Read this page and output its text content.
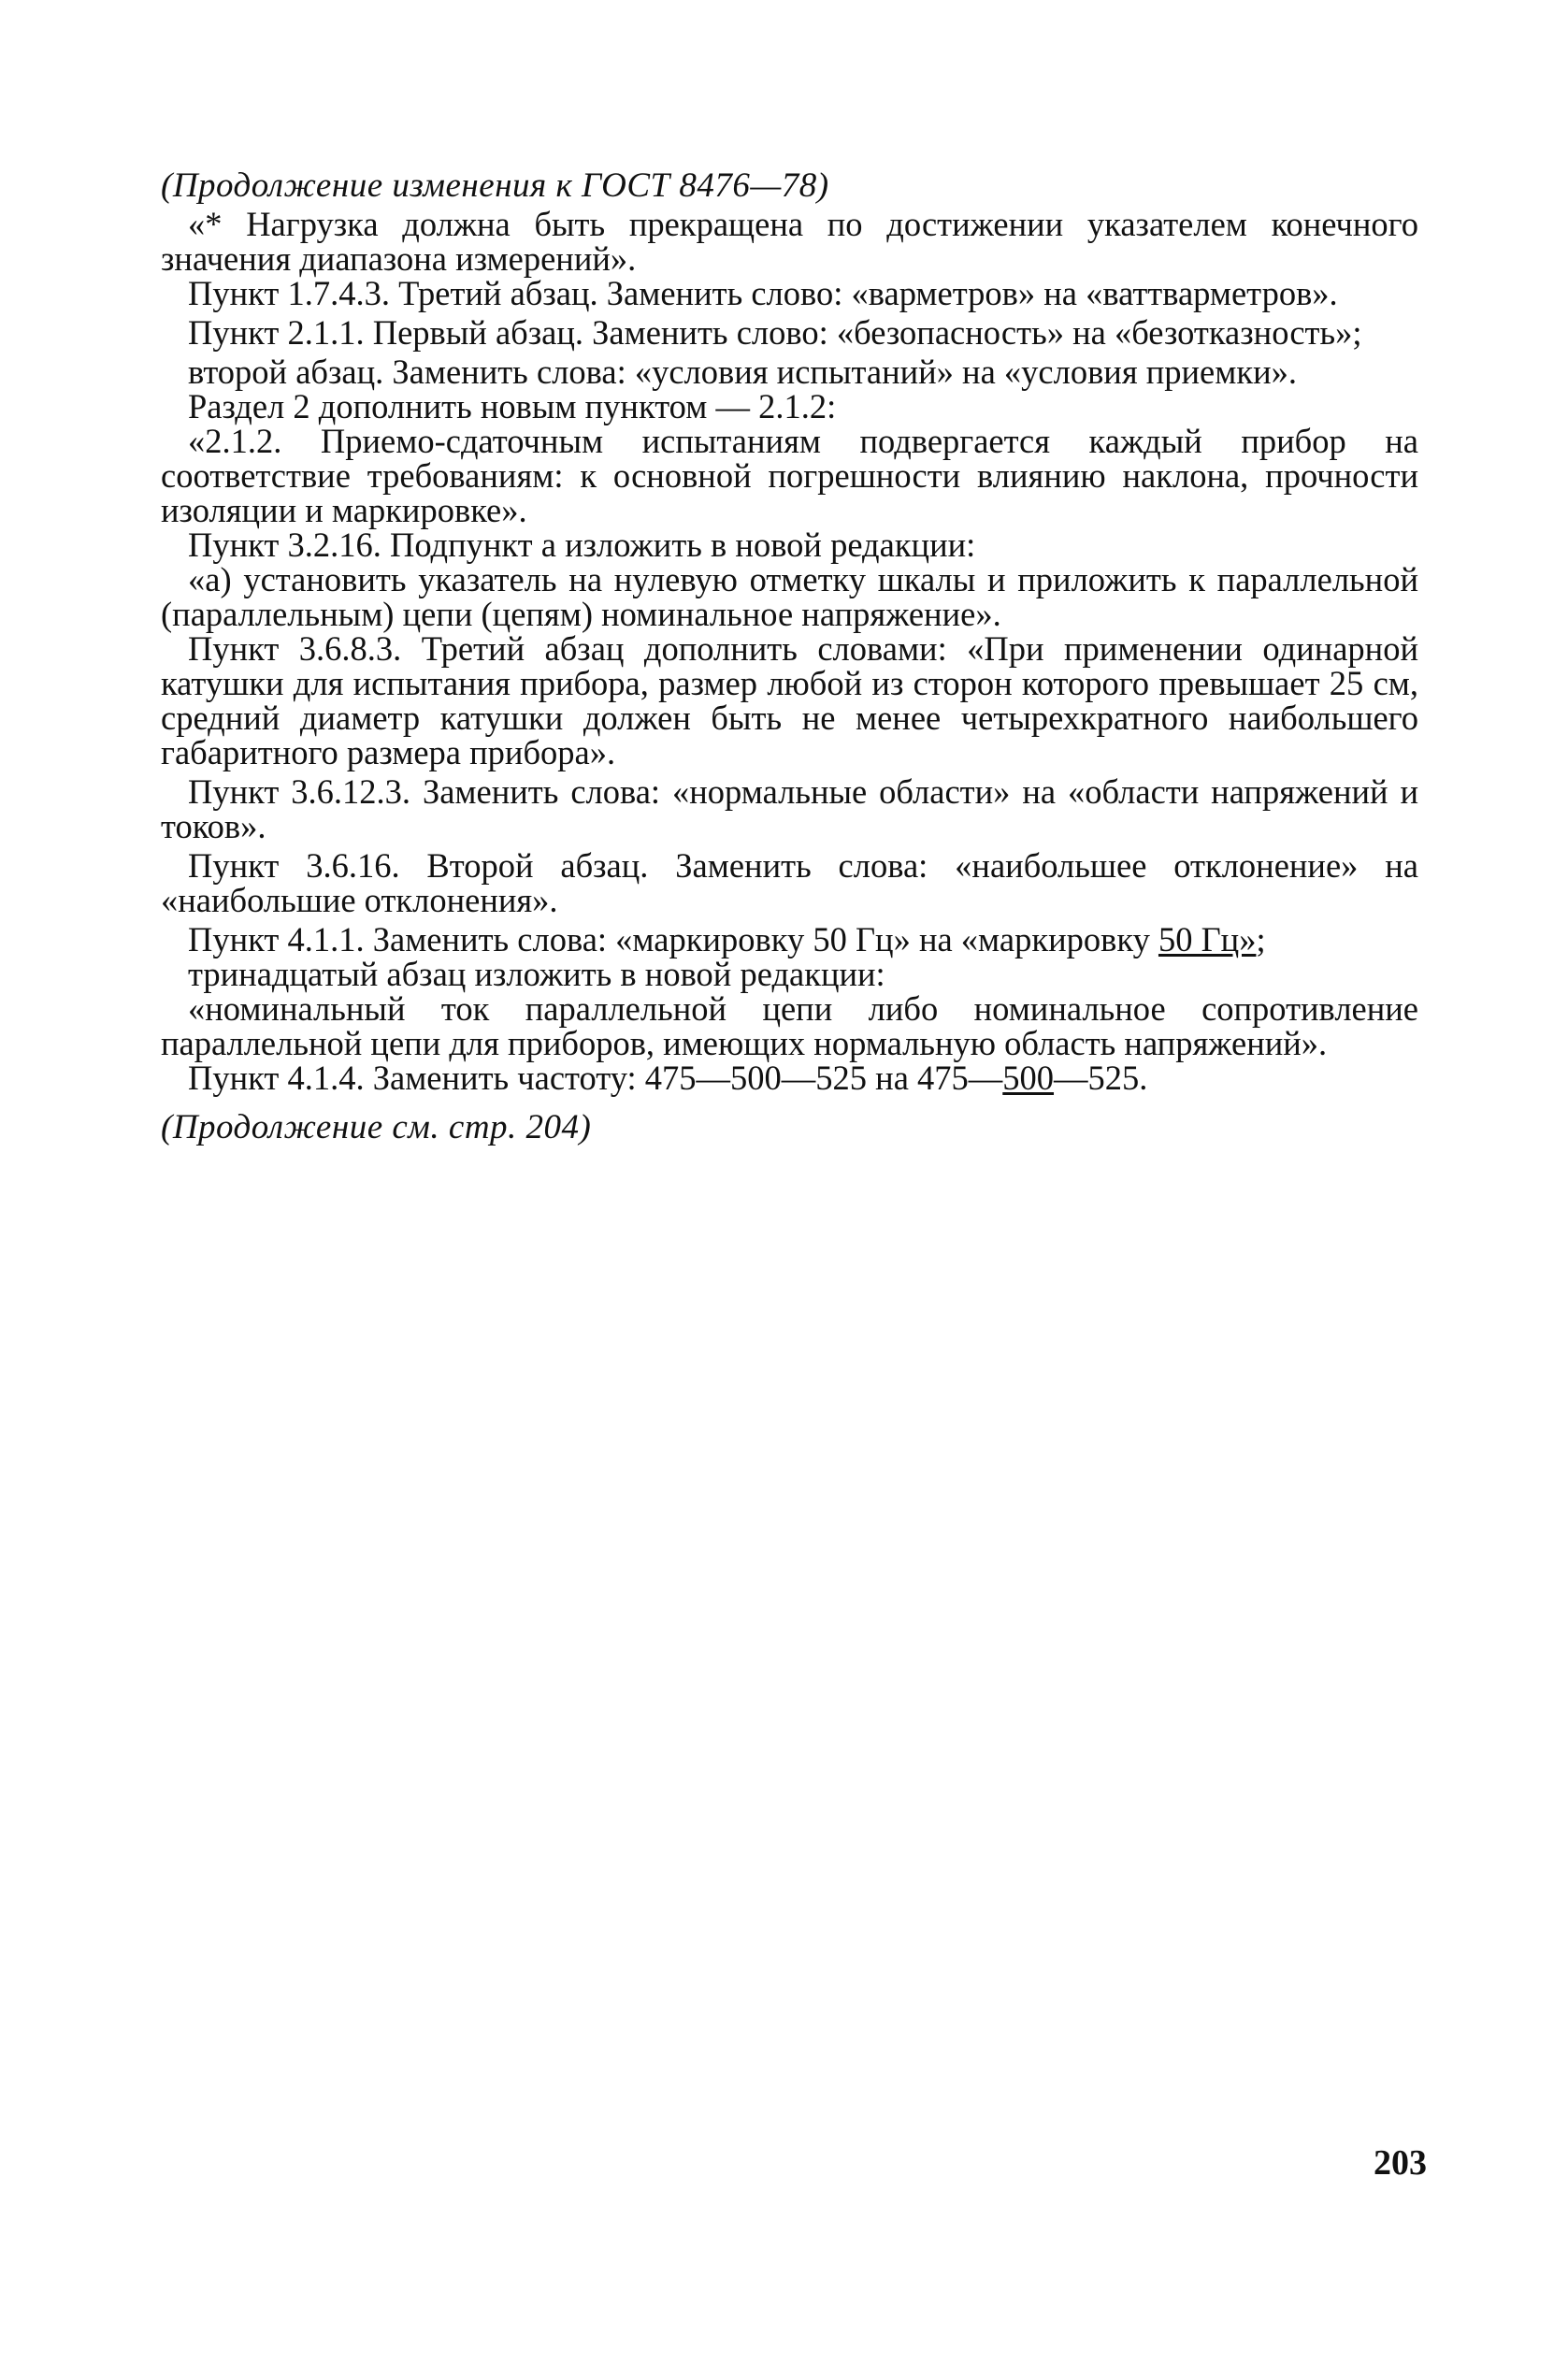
(Продолжение изменения к ГОСТ 8476—78)

«* Нагрузка должна быть прекращена по достижении указателем конечного значения диапазона измерений».

Пункт 1.7.4.3. Третий абзац. Заменить слово: «варметров» на «ваттварметров».

Пункт 2.1.1. Первый абзац. Заменить слово: «безопасность» на «безотказность»;

второй абзац. Заменить слова: «условия испытаний» на «условия приемки».

Раздел 2 дополнить новым пунктом — 2.1.2:

«2.1.2. Приемо-сдаточным испытаниям подвергается каждый прибор на соответствие требованиям: к основной погрешности влиянию наклона, прочности изоляции и маркировке».

Пункт 3.2.16. Подпункт а изложить в новой редакции:

«а) установить указатель на нулевую отметку шкалы и приложить к параллельной (параллельным) цепи (цепям) номинальное напряжение».

Пункт 3.6.8.3. Третий абзац дополнить словами: «При применении одинарной катушки для испытания прибора, размер любой из сторон которого превышает 25 см, средний диаметр катушки должен быть не менее четырехкратного наибольшего габаритного размера прибора».

Пункт 3.6.12.3. Заменить слова: «нормальные области» на «области напряжений и токов».

Пункт 3.6.16. Второй абзац. Заменить слова: «наибольшее отклонение» на «наибольшие отклонения».

Пункт 4.1.1. Заменить слова: «маркировку 50 Гц» на «маркировку 50 Гц»;

тринадцатый абзац изложить в новой редакции:

«номинальный ток параллельной цепи либо номинальное сопротивление параллельной цепи для приборов, имеющих нормальную область напряжений».

Пункт 4.1.4. Заменить частоту: 475—500—525 на 475—500—525.

(Продолжение см. стр. 204)

203
